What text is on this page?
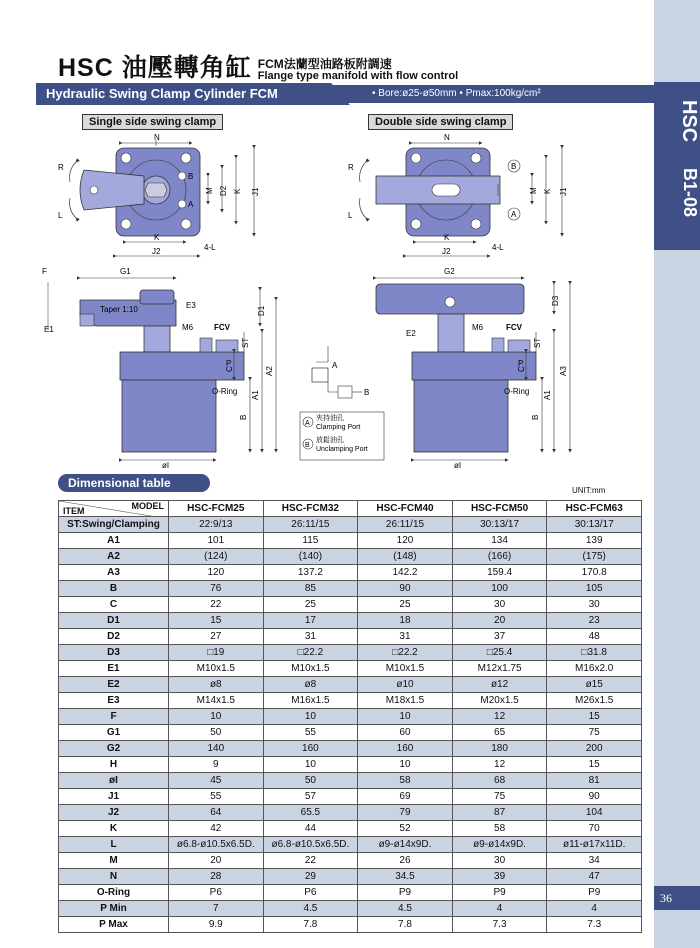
HSC
B1-08
36
HSC 油壓轉角缸 FCM法蘭型油路板附調速
Flange type manifold with flow control
Hydraulic Swing Clamp Cylinder FCM	• Bore:ø25-ø50mm • Pmax:100kg/cm²
Single side swing clamp	Double side swing clamp
N
B
A
R
L
M D2 K J1
K
J2	4-L
N
B
A
R
L
M K J1
K
J2	4-L
F	G1
Taper 1:10	E3
E1	M6	FCV
O-Ring
øI
D1
ST
P
C
B
A1
A2
A
B
A
夾持油孔
Clamping Port
B
放鬆油孔
Unclamping Port
G2
E2
M6	FCV
O-Ring
øI
D3
ST
P
C
B
A1
A3
Dimensional table
UNIT:mm
MODEL
ITEM	HSC-FCM25	HSC-FCM32	HSC-FCM40	HSC-FCM50	HSC-FCM63
ST:Swing/Clamping	22:9/13	26:11/15	26:11/15	30:13/17	30:13/17
A1	101	115	120	134	139
A2	(124)	(140)	(148)	(166)	(175)
A3	120	137.2	142.2	159.4	170.8
B	76	85	90	100	105
C	22	25	25	30	30
D1	15	17	18	20	23
D2	27	31	31	37	48
D3	□19	□22.2	□22.2	□25.4	□31.8
E1	M10x1.5	M10x1.5	M10x1.5	M12x1.75	M16x2.0
E2	ø8	ø8	ø10	ø12	ø15
E3	M14x1.5	M16x1.5	M18x1.5	M20x1.5	M26x1.5
F	10	10	10	12	15
G1	50	55	60	65	75
G2	140	160	160	180	200
H	9	10	10	12	15
øI	45	50	58	68	81
J1	55	57	69	75	90
J2	64	65.5	79	87	104
K	42	44	52	58	70
L	ø6.8-ø10.5x6.5D.	ø6.8-ø10.5x6.5D.	ø9-ø14x9D.	ø9-ø14x9D.	ø11-ø17x11D.
M	20	22	26	30	34
N	28	29	34.5	39	47
O-Ring	P6	P6	P9	P9	P9
P Min	7	4.5	4.5	4	4
P Max	9.9	7.8	7.8	7.3	7.3
